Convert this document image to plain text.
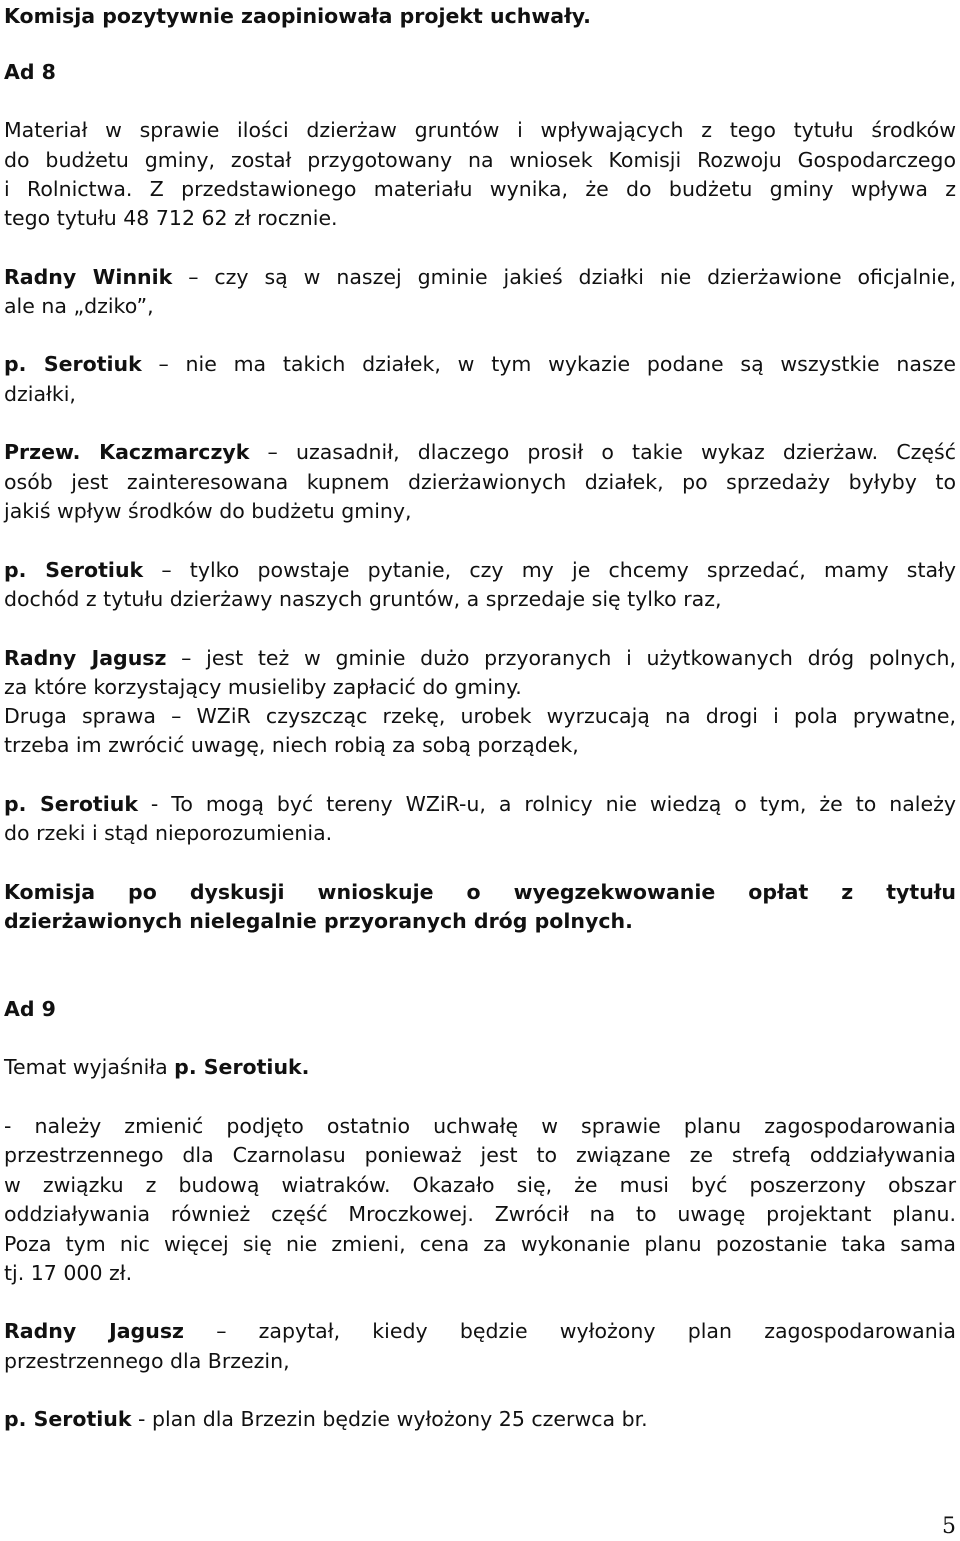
Komisja pozytywnie zaopiniowała projekt uchwały.
Ad 8
Materiał w sprawie ilości dzierżaw gruntów i wpływających z tego tytułu środków
do budżetu gminy, został przygotowany na wniosek Komisji Rozwoju Gospodarczego
i Rolnictwa. Z przedstawionego materiału wynika, że do budżetu gminy wpływa z
tego tytułu 48 712 62 zł rocznie.
Radny Winnik – czy są w naszej gminie jakieś działki nie dzierżawione oficjalnie,
ale na „dziko”,
p. Serotiuk – nie ma takich działek, w tym wykazie podane są wszystkie nasze
działki,
Przew. Kaczmarczyk – uzasadnił, dlaczego prosił o takie wykaz dzierżaw. Część
osób jest zainteresowana kupnem dzierżawionych działek, po sprzedaży byłyby to
jakiś wpływ środków do budżetu gminy,
p. Serotiuk – tylko powstaje pytanie, czy my je chcemy sprzedać, mamy stały
dochód z tytułu dzierżawy naszych gruntów, a sprzedaje się tylko raz,
Radny Jagusz – jest też w gminie dużo przyoranych i użytkowanych dróg polnych,
za które korzystający musieliby zapłacić do gminy.
Druga sprawa – WZiR czyszcząc rzekę, urobek wyrzucają na drogi i pola prywatne,
trzeba im zwrócić uwagę, niech robią za sobą porządek,
p. Serotiuk - To mogą być tereny WZiR-u, a rolnicy nie wiedzą o tym, że to należy
do rzeki i stąd nieporozumienia.
Komisja po dyskusji wnioskuje o wyegzekwowanie opłat z tytułu
dzierżawionych nielegalnie przyoranych dróg polnych.
Ad 9
Temat wyjaśniła p. Serotiuk.
- należy zmienić podjęto ostatnio uchwałę w sprawie planu zagospodarowania
przestrzennego dla Czarnolasu ponieważ jest to związane ze strefą oddziaływania
w związku z budową wiatraków. Okazało się, że musi być poszerzony obszar
oddziaływania również część Mroczkowej. Zwrócił na to uwagę projektant planu.
Poza tym nic więcej się nie zmieni, cena za wykonanie planu pozostanie taka sama
tj. 17 000 zł.
Radny Jagusz – zapytał, kiedy będzie wyłożony plan zagospodarowania
przestrzennego dla Brzezin,
p. Serotiuk - plan dla Brzezin będzie wyłożony 25 czerwca br.
5
